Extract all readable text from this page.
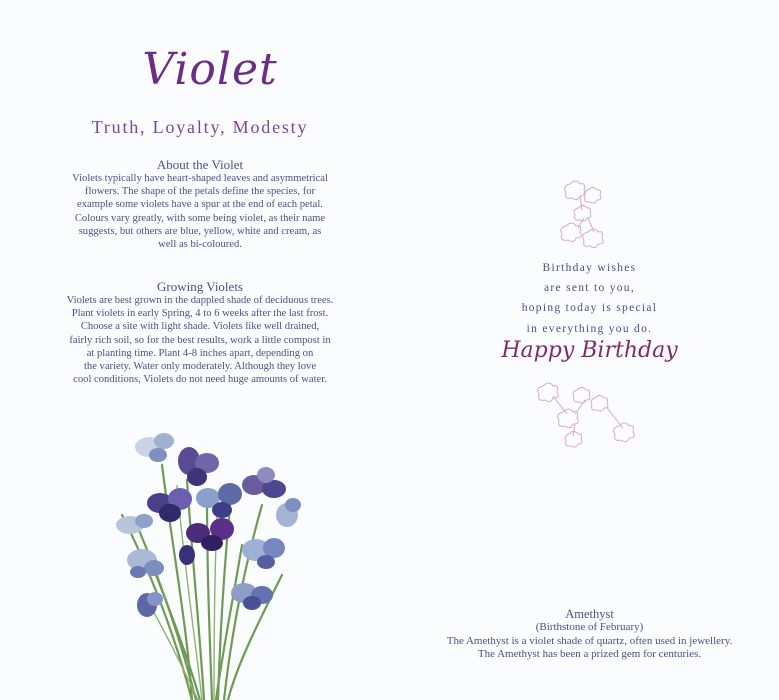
Violet
Truth, Loyalty, Modesty
About the Violet
Violets typically have heart-shaped leaves and asymmetrical
flowers. The shape of the petals define the species, for
example some violets have a spur at the end of each petal.
Colours vary greatly, with some being violet, as their name
suggests, but others are blue, yellow, white and cream, as
well as bi-coloured.
Growing Violets
Violets are best grown in the dappled shade of deciduous trees.
Plant violets in early Spring, 4 to 6 weeks after the last frost.
Choose a site with light shade. Violets like well drained,
fairly rich soil, so for the best results, work a little compost in
at planting time. Plant 4-8 inches apart, depending on
the variety. Water only moderately. Although they love
cool conditions, Violets do not need huge amounts of water.
Birthday wishes
are sent to you,
hoping today is special
in everything you do.
Happy Birthday
Amethyst
(Birthstone of February)
The Amethyst is a violet shade of quartz, often used in jewellery.
The Amethyst has been a prized gem for centuries.
